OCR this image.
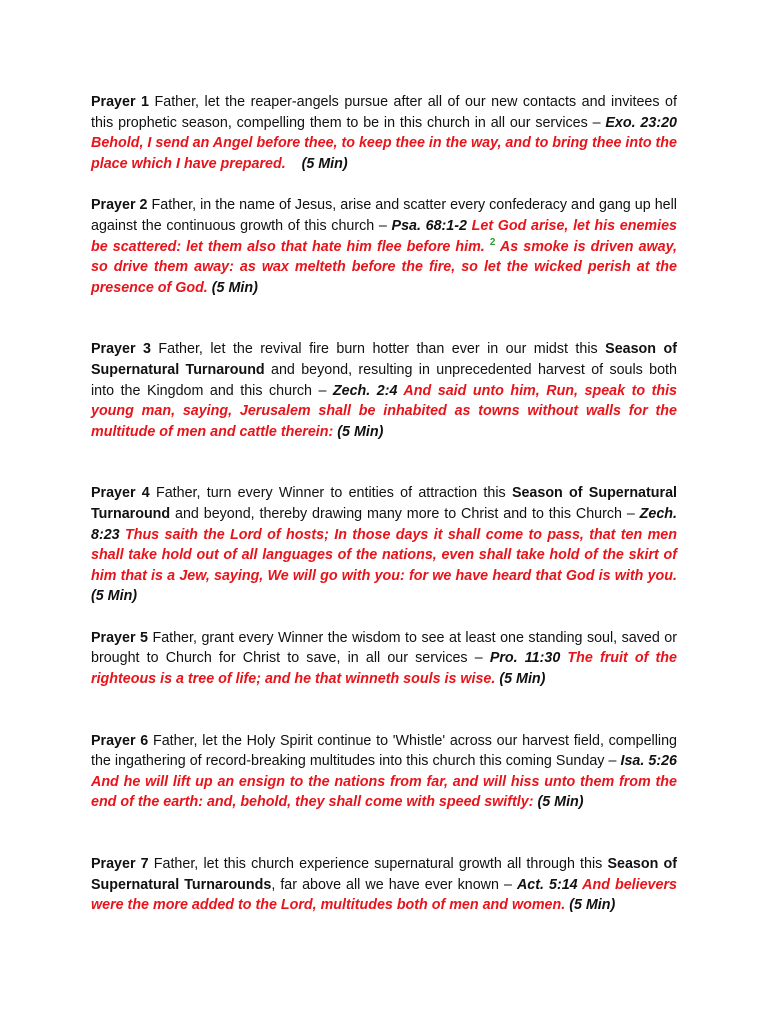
Prayer 1 Father, let the reaper-angels pursue after all of our new contacts and invitees of this prophetic season, compelling them to be in this church in all our services – Exo. 23:20 Behold, I send an Angel before thee, to keep thee in the way, and to bring thee into the place which I have prepared. (5 Min)

Prayer 2 Father, in the name of Jesus, arise and scatter every confederacy and gang up hell against the continuous growth of this church – Psa. 68:1-2 Let God arise, let his enemies be scattered: let them also that hate him flee before him. $^2$ As smoke is driven away, so drive them away: as wax melteth before the fire, so let the wicked perish at the presence of God. (5 Min)

Prayer 3 Father, let the revival fire burn hotter than ever in our midst this Season of Supernatural Turnaround and beyond, resulting in unprecedented harvest of souls both into the Kingdom and this church – Zech. 2:4 And said unto him, Run, speak to this young man, saying, Jerusalem shall be inhabited as towns without walls for the multitude of men and cattle therein: (5 Min)

Prayer 4 Father, turn every Winner to entities of attraction this Season of Supernatural Turnaround and beyond, thereby drawing many more to Christ and to this Church – Zech. 8:23 Thus saith the Lord of hosts; In those days it shall come to pass, that ten men shall take hold out of all languages of the nations, even shall take hold of the skirt of him that is a Jew, saying, We will go with you: for we have heard that God is with you. (5 Min)

Prayer 5 Father, grant every Winner the wisdom to see at least one standing soul, saved or brought to Church for Christ to save, in all our services – Pro. 11:30 The fruit of the righteous is a tree of life; and he that winneth souls is wise. (5 Min)

Prayer 6 Father, let the Holy Spirit continue to 'Whistle' across our harvest field, compelling the ingathering of record-breaking multitudes into this church this coming Sunday – Isa. 5:26 And he will lift up an ensign to the nations from far, and will hiss unto them from the end of the earth: and, behold, they shall come with speed swiftly: (5 Min)

Prayer 7 Father, let this church experience supernatural growth all through this Season of Supernatural Turnarounds, far above all we have ever known – Act. 5:14 And believers were the more added to the Lord, multitudes both of men and women. (5 Min)
